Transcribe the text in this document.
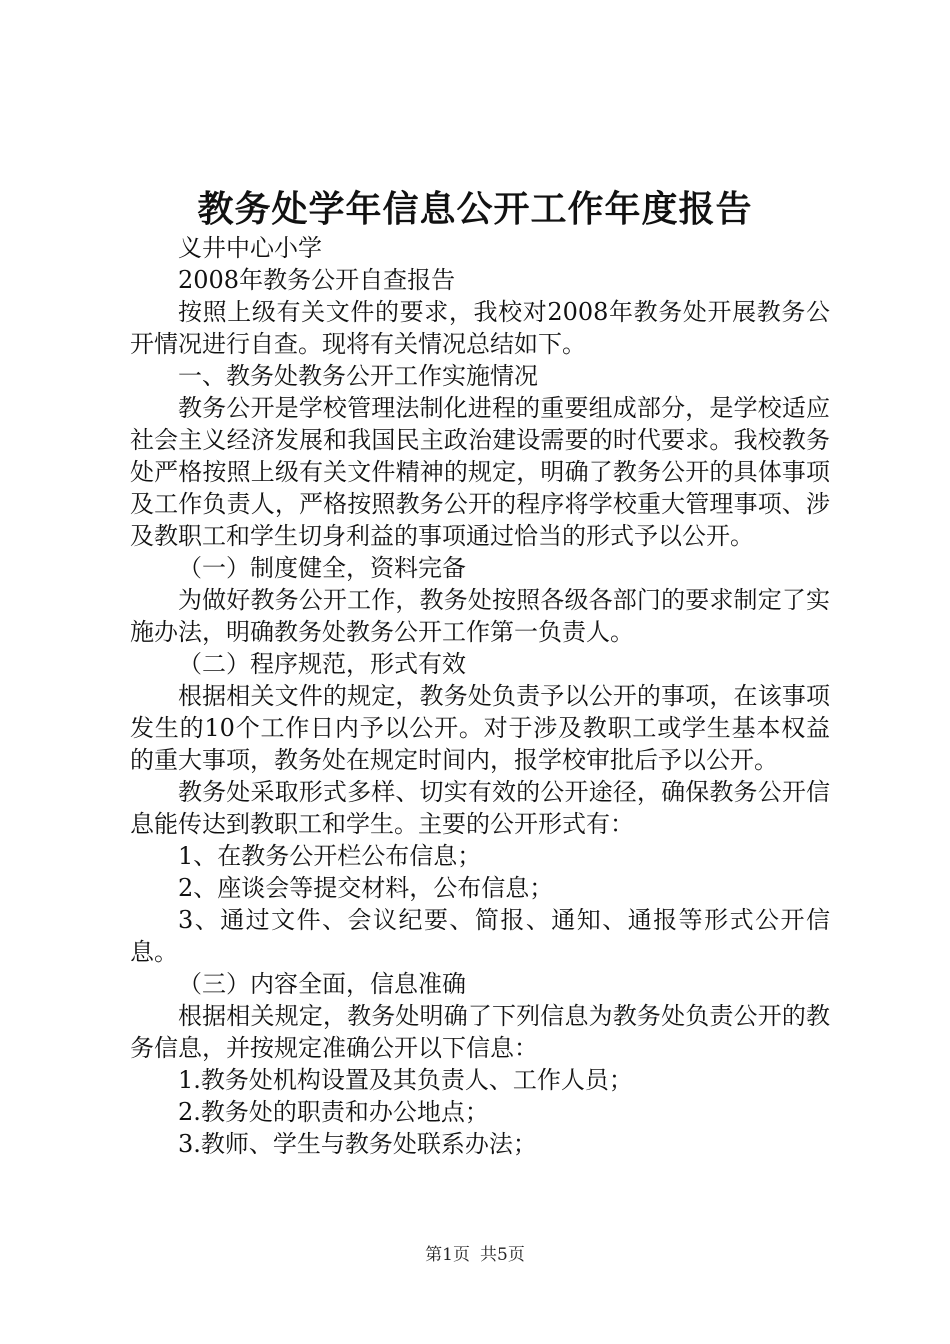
教务处学年信息公开工作年度报告

义井中心小学

2008年教务公开自查报告

按照上级有关文件的要求，我校对2008年教务处开展教务公开情况进行自查。现将有关情况总结如下。

一、教务处教务公开工作实施情况

教务公开是学校管理法制化进程的重要组成部分，是学校适应社会主义经济发展和我国民主政治建设需要的时代要求。我校教务处严格按照上级有关文件精神的规定，明确了教务公开的具体事项及工作负责人，严格按照教务公开的程序将学校重大管理事项、涉及教职工和学生切身利益的事项通过恰当的形式予以公开。

（一）制度健全，资料完备

为做好教务公开工作，教务处按照各级各部门的要求制定了实施办法，明确教务处教务公开工作第一负责人。

（二）程序规范，形式有效

根据相关文件的规定，教务处负责予以公开的事项，在该事项发生的10个工作日内予以公开。对于涉及教职工或学生基本权益的重大事项，教务处在规定时间内，报学校审批后予以公开。

教务处采取形式多样、切实有效的公开途径，确保教务公开信息能传达到教职工和学生。主要的公开形式有：

1、在教务公开栏公布信息；

2、座谈会等提交材料，公布信息；

3、通过文件、会议纪要、简报、通知、通报等形式公开信息。

（三）内容全面，信息准确

根据相关规定，教务处明确了下列信息为教务处负责公开的教务信息，并按规定准确公开以下信息：

1.教务处机构设置及其负责人、工作人员；

2.教务处的职责和办公地点；

3.教师、学生与教务处联系办法；

第1页 共5页
